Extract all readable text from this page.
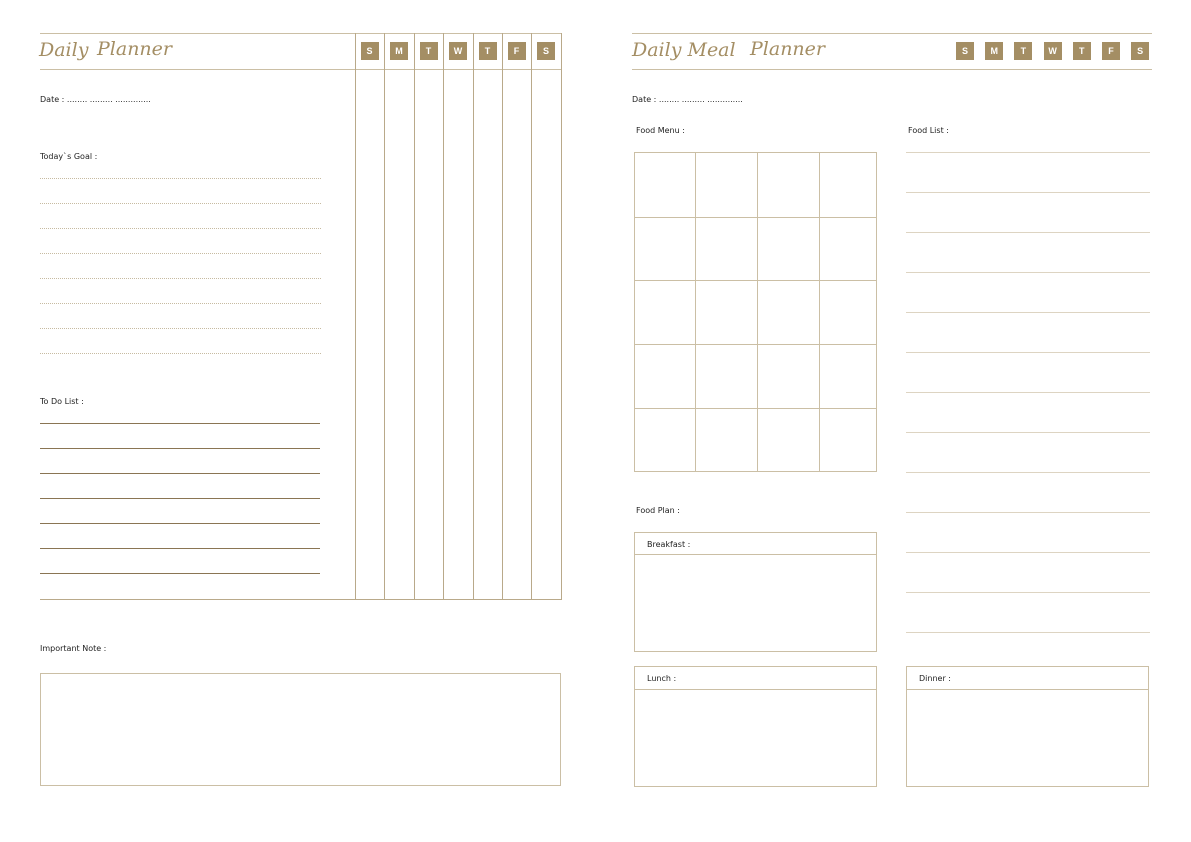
Daily Planner	S	M	T	W	T	F	S
Date : ........ ......... ..............
Today`s Goal :
To Do List :
Important Note :
Daily Meal Planner	S	M	T	W	T	F	S
Date : ........ ......... ..............
Food Menu :	Food List :
Food Plan :
Breakfast :
Lunch :	Dinner :
